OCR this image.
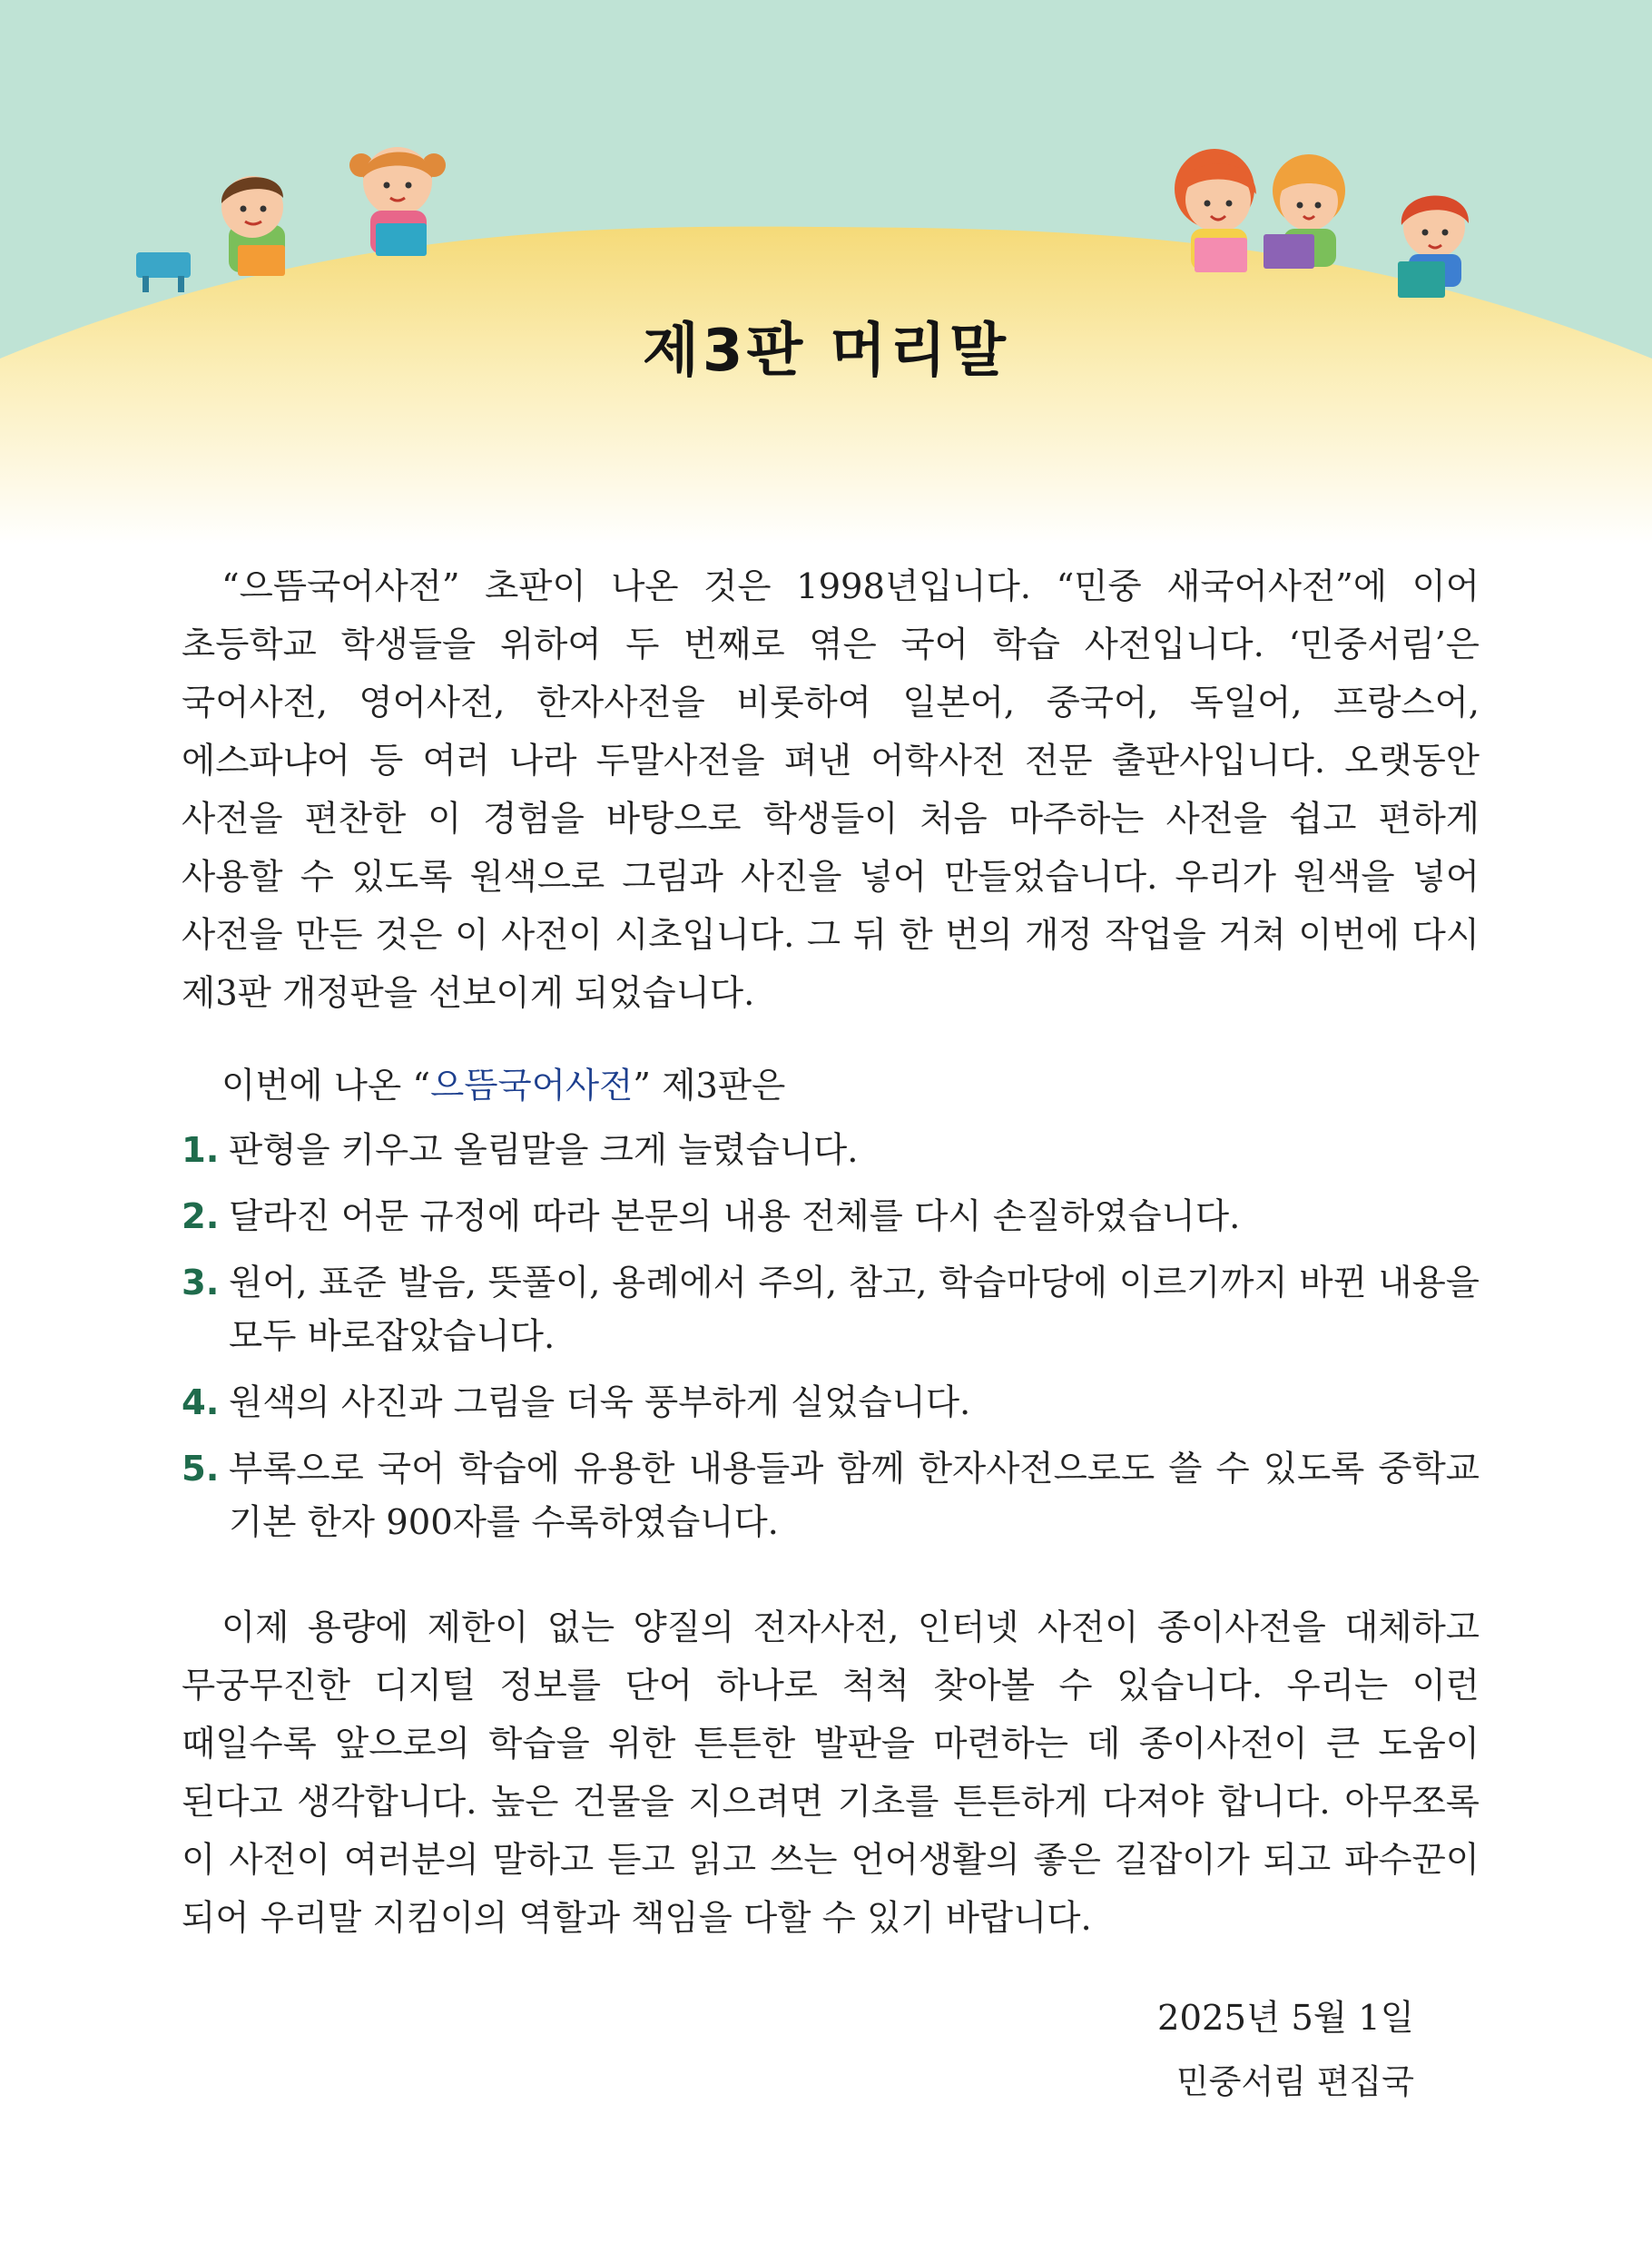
제3판 머리말

“으뜸국어사전” 초판이 나온 것은 1998년입니다. “민중 새국어사전”에 이어 초등학교 학생들을 위하여 두 번째로 엮은 국어 학습 사전입니다. ‘민중서림’은 국어사전, 영어사전, 한자사전을 비롯하여 일본어, 중국어, 독일어, 프랑스어, 에스파냐어 등 여러 나라 두말사전을 펴낸 어학사전 전문 출판사입니다. 오랫동안 사전을 편찬한 이 경험을 바탕으로 학생들이 처음 마주하는 사전을 쉽고 편하게 사용할 수 있도록 원색으로 그림과 사진을 넣어 만들었습니다. 우리가 원색을 넣어 사전을 만든 것은 이 사전이 시초입니다. 그 뒤 한 번의 개정 작업을 거쳐 이번에 다시 제3판 개정판을 선보이게 되었습니다.

이번에 나온 “으뜸국어사전” 제3판은

1. 판형을 키우고 올림말을 크게 늘렸습니다.
2. 달라진 어문 규정에 따라 본문의 내용 전체를 다시 손질하였습니다.
3. 원어, 표준 발음, 뜻풀이, 용례에서 주의, 참고, 학습마당에 이르기까지 바뀐 내용을 모두 바로잡았습니다.
4. 원색의 사진과 그림을 더욱 풍부하게 실었습니다.
5. 부록으로 국어 학습에 유용한 내용들과 함께 한자사전으로도 쓸 수 있도록 중학교 기본 한자 900자를 수록하였습니다.

이제 용량에 제한이 없는 양질의 전자사전, 인터넷 사전이 종이사전을 대체하고 무궁무진한 디지털 정보를 단어 하나로 척척 찾아볼 수 있습니다. 우리는 이런 때일수록 앞으로의 학습을 위한 튼튼한 발판을 마련하는 데 종이사전이 큰 도움이 된다고 생각합니다. 높은 건물을 지으려면 기초를 튼튼하게 다져야 합니다. 아무쪼록 이 사전이 여러분의 말하고 듣고 읽고 쓰는 언어생활의 좋은 길잡이가 되고 파수꾼이 되어 우리말 지킴이의 역할과 책임을 다할 수 있기 바랍니다.

2025년 5월 1일

민중서림 편집국
